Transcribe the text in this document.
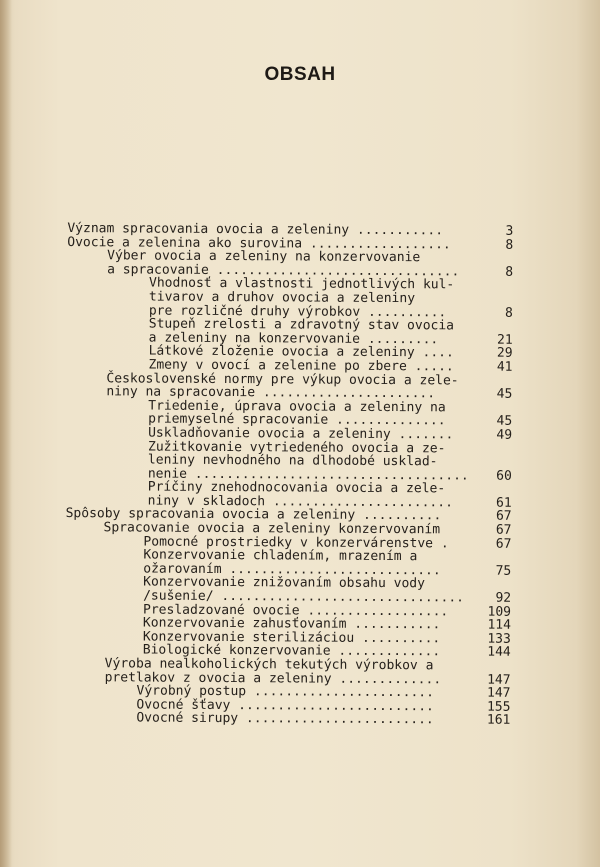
OBSAH
Význam spracovania ovocia a zeleniny ...........	3
Ovocie a zelenina ako surovina ..................	8
Výber ovocia a zeleniny na konzervovanie
a spracovanie ...............................	8
Vhodnosť a vlastnosti jednotlivých kul-
tivarov a druhov ovocia a zeleniny
pre rozličné druhy výrobkov ..........	8
Stupeň zrelosti a zdravotný stav ovocia
a zeleniny na konzervovanie .........	21
Látkové zloženie ovocia a zeleniny ....	29
Zmeny v ovocí a zelenine po zbere .....	41
Československé normy pre výkup ovocia a zele-
niny na spracovanie ......................	45
Triedenie, úprava ovocia a zeleniny na
priemyselné spracovanie ..............	45
Uskladňovanie ovocia a zeleniny .......	49
Zužitkovanie vytriedeného ovocia a ze-
leniny nevhodného na dlhodobé usklad-
nenie ................................... 60
Príčiny znehodnocovania ovocia a zele-
niny v skladoch .......................	61
Spôsoby spracovania ovocia a zeleniny ..........	67
Spracovanie ovocia a zeleniny konzervovaním	67
Pomocné prostriedky v konzervárenstve .	67
Konzervovanie chladením, mrazením a
ožarovaním ...........................	75
Konzervovanie znižovaním obsahu vody
/sušenie/ ............................... 92
Presladzované ovocie ..................	109
Konzervovanie zahusťovaním ...........	114
Konzervovanie sterilizáciou ..........	133
Biologické konzervovanie .............	144
Výroba nealkoholických tekutých výrobkov a
pretlakov z ovocia a zeleniny .............	147
Výrobný postup .......................	147
Ovocné šťavy .........................	155
Ovocné sirupy ........................	161
